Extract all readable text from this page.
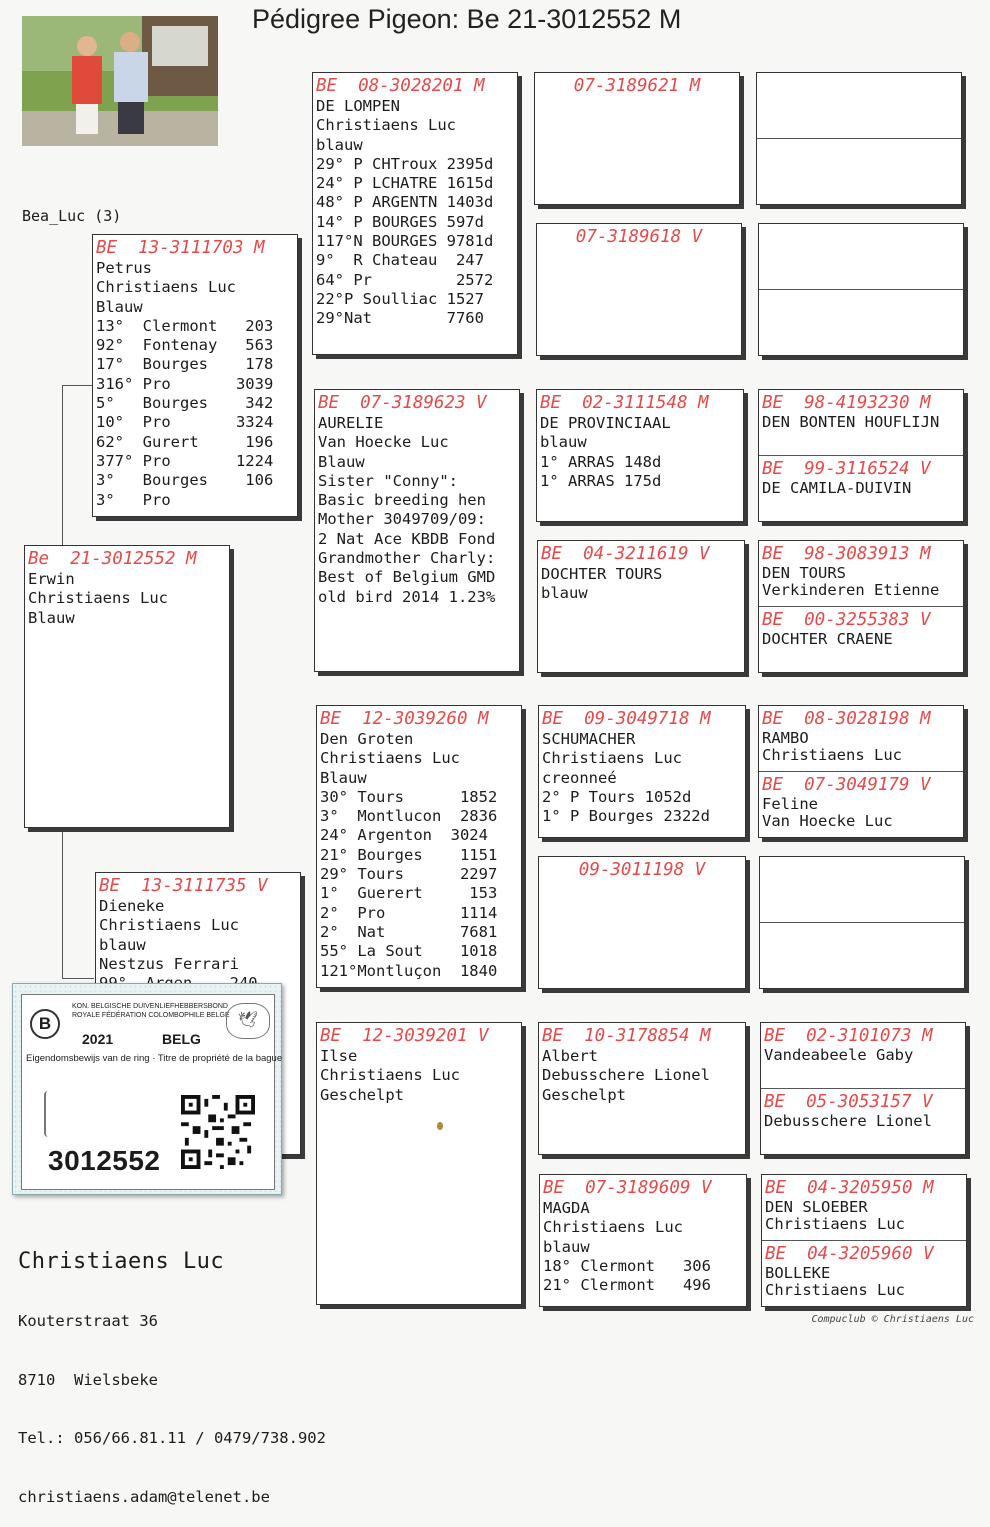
Pédigree Pigeon: Be 21-3012552 M
Bea_Luc (3)
Be  21-3012552 M
Erwin
Christiaens Luc
Blauw
BE  13-3111703 M
Petrus
Christiaens Luc
Blauw
13°  Clermont   203
92°  Fontenay   563
17°  Bourges    178
316° Pro       3039
5°   Bourges    342
10°  Pro       3324
62°  Gurert     196
377° Pro       1224
3°   Bourges    106
3°   Pro
BE  13-3111735 V
Dieneke
Christiaens Luc
blauw
Nestzus Ferrari
BE  08-3028201 M
DE LOMPEN
Christiaens Luc
blauw
29° P CHTroux 2395d
24° P LCHATRE 1615d
48° P ARGENTN 1403d
14° P BOURGES 597d
117°N BOURGES 9781d
9°  R Chateau  247
64° Pr         2572
22°P Soulliac 1527
29°Nat        7760
BE  07-3189623 V
AURELIE
Van Hoecke Luc
Blauw
Sister "Conny":
Basic breeding hen
Mother 3049709/09:
2 Nat Ace KBDB Fond
Grandmother Charly:
Best of Belgium GMD
old bird 2014 1.23%
BE  12-3039260 M
Den Groten
Christiaens Luc
Blauw
30° Tours      1852
3°  Montlucon  2836
24° Argenton  3024
21° Bourges    1151
29° Tours      2297
1°  Guerert     153
2°  Pro        1114
2°  Nat        7681
55° La Sout    1018
121°Montluçon  1840
BE  12-3039201 V
Ilse
Christiaens Luc
Geschelpt
07-3189621 M
07-3189618 V
BE  02-3111548 M
DE PROVINCIAAL
blauw
1° ARRAS 148d
1° ARRAS 175d
BE  04-3211619 V
DOCHTER TOURS
blauw
BE  09-3049718 M
SCHUMACHER
Christiaens Luc
creonneé
2° P Tours 1052d
1° P Bourges 2322d
09-3011198 V
BE  10-3178854 M
Albert
Debusschere Lionel
Geschelpt
BE  07-3189609 V
MAGDA
Christiaens Luc
blauw
18° Clermont   306
21° Clermont   496
BE  98-4193230 M
DEN BONTEN HOUFLIJN
BE  99-3116524 V
DE CAMILA-DUIVIN
BE  98-3083913 M
DEN TOURS
Verkinderen Etienne
BE  00-3255383 V
DOCHTER CRAENE
BE  08-3028198 M
RAMBO
Christiaens Luc
BE  07-3049179 V
Feline
Van Hoecke Luc
BE  02-3101073 M
Vandeabeele Gaby
BE  05-3053157 V
Debusschere Lionel
BE  04-3205950 M
DEN SLOEBER
Christiaens Luc
BE  04-3205960 V
BOLLEKE
Christiaens Luc

Christiaens Luc

Kouterstraat 36

8710  Wielsbeke

Tel.: 056/66.81.11 / 0479/738.902

christiaens.adam@telenet.be

B
KON. BELGISCHE DUIVENLIEFHEBBERSBOND ROYALE FÉDÉRATION COLOMBOPHILE BELGE 🕊
2021	BELG
Eigendomsbewijs van de ring · Titre de propriété de la bague
3012552
Compuclub © Christiaens Luc
